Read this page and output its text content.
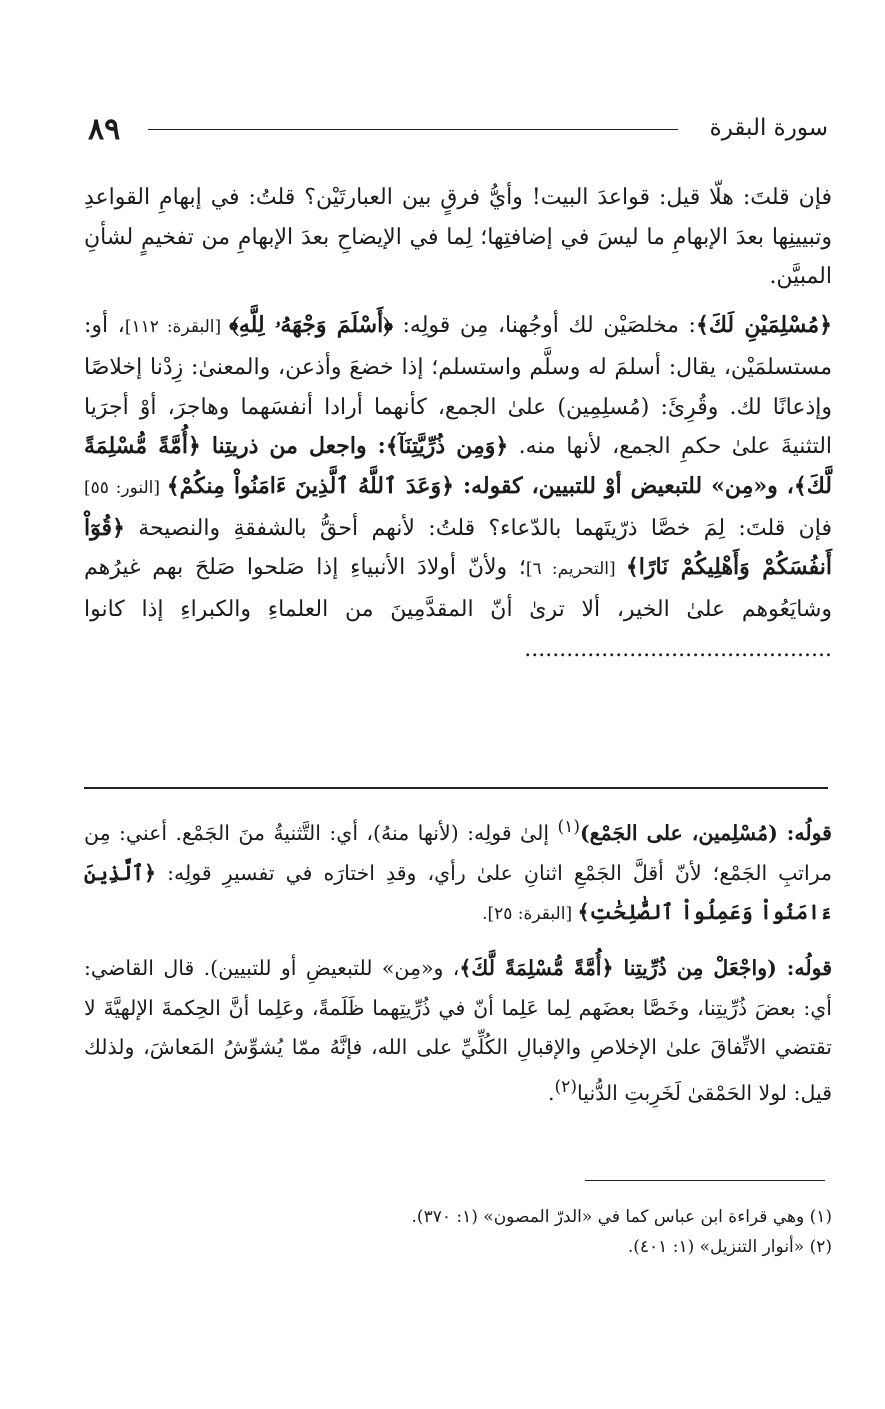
٨٩	سورة البقرة

فإن قلتَ: هلّا قيل: قواعدَ البيت! وأيُّ فرقٍ بين العبارتَيْن؟ قلتُ: في إبهامِ القواعدِ وتبيينِها بعدَ الإبهامِ ما ليسَ في إضافتِها؛ لِما في الإيضاحِ بعدَ الإبهامِ من تفخيمٍ لشأنِ المبيَّن.

﴿مُسْلِمَيْنِ لَكَ﴾: مخلصَيْن لك أوجُهنا، مِن قولِه: ﴿أَسْلَمَ وَجْهَهُۥ لِلَّهِ﴾ [البقرة: ١١٢]، أو: مستسلمَيْن، يقال: أسلمَ له وسلَّم واستسلم؛ إذا خضعَ وأذعن، والمعنىٰ: زِدْنا إخلاصًا وإذعانًا لك. وقُرِئَ: (مُسلِمِين) علىٰ الجمع، كأنهما أرادا أنفسَهما وهاجرَ، أوْ أجرَيا التثنيةَ علىٰ حكمِ الجمع، لأنها منه. ﴿وَمِن ذُرِّيَّتِنَآ﴾: واجعل من ذريتِنا ﴿أُمَّةً مُّسْلِمَةً لَّكَ﴾، و«مِن» للتبعيض أوْ للتبيين، كقوله: ﴿وَعَدَ ٱللَّهُ ٱلَّذِينَ ءَامَنُواْ مِنكُمْ﴾ [النور: ٥٥] فإن قلتَ: لِمَ خصَّا ذرّيتَهما بالدّعاء؟ قلتُ: لأنهم أحقُّ بالشفقةِ والنصيحة ﴿قُوٓاْ أَنفُسَكُمْ وَأَهْلِيكُمْ نَارًا﴾ [التحريم: ٦]؛ ولأنّ أولادَ الأنبياءِ إذا صَلحوا صَلحَ بهم غيرُهم وشايَعُوهم علىٰ الخير، ألا ترىٰ أنّ المقدَّمِينَ من العلماءِ والكبراءِ إذا كانوا ............................................

قولُه: (مُسْلِمين، على الجَمْع)$^{(١)}$ إلىٰ قولِه: (لأنها منهُ)، أي: التَّثنيةُ منَ الجَمْع. أعني: مِن مراتبِ الجَمْع؛ لأنّ أقلَّ الجَمْعِ اثنانِ علىٰ رأي، وقدِ اختارَه في تفسيرِ قولِه: ﴿ٱلَّذِينَ ءَامَنُواْ وَعَمِلُواْ ٱلصَّٰلِحَٰتِ﴾ [البقرة: ٢٥].

قولُه: (واجْعَلْ مِن ذُرِّيتِنا ﴿أُمَّةً مُّسْلِمَةً لَّكَ﴾، و«مِن» للتبعيضِ أو للتبيين). قال القاضي: أي: بعضَ ذُرِّيتِنا، وخَصَّا بعضَهم لِما عَلِما أنّ في ذُرِّيتِهما ظَلَمةً، وعَلِما أنَّ الحِكمةَ الإلهيَّةَ لا تقتضي الاتِّفاقَ علىٰ الإخلاصِ والإقبالِ الكُلِّيِّ على الله، فإنَّهُ ممّا يُشوِّشُ المَعاشَ، ولذلك قيل: لولا الحَمْقىٰ لَخَرِبتِ الدُّنيا$^{(٢)}$.

(١) وهي قراءة ابن عباس كما في «الدرّ المصون» (١: ٣٧٠).

(٢) «أنوار التنزيل» (١: ٤٠١).
